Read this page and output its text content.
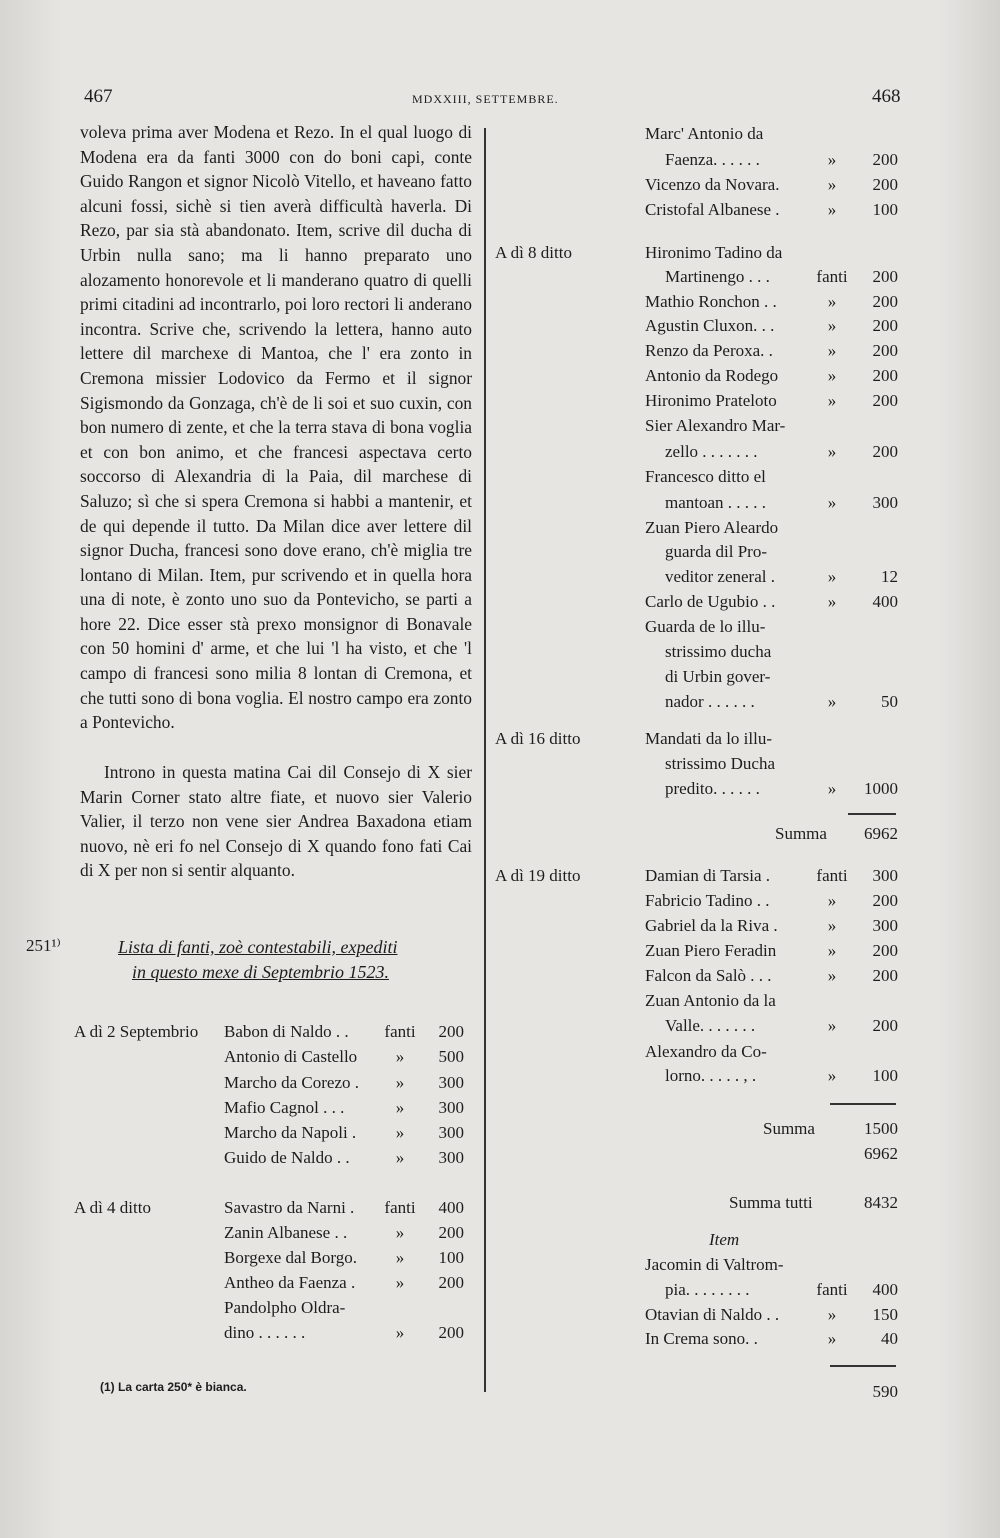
467	MDXXIII, SETTEMBRE.	468

voleva prima aver Modena et Rezo. In el qual luogo di Modena era da fanti 3000 con do boni capi, conte Guido Rangon et signor Nicolò Vitello, et haveano fatto alcuni fossi, sichè si tien averà difficultà haverla. Di Rezo, par sia stà abandonato. Item, scrive dil ducha di Urbin nulla sano; ma li hanno preparato uno alozamento honorevole et li manderano quatro di quelli primi citadini ad incontrarlo, poi loro rectori li anderano incontra. Scrive che, scrivendo la lettera, hanno auto lettere dil marchexe di Mantoa, che l' era zonto in Cremona missier Lodovico da Fermo et il signor Sigismondo da Gonzaga, ch'è de li soi et suo cuxin, con bon numero di zente, et che la terra stava di bona voglia et con bon animo, et che francesi aspectava certo soccorso di Alexandria di la Paia, dil marchese di Saluzo; sì che si spera Cremona si habbi a mantenir, et de qui depende il tutto. Da Milan dice aver lettere dil signor Ducha, francesi sono dove erano, ch'è miglia tre lontano di Milan. Item, pur scrivendo et in quella hora una di note, è zonto uno suo da Pontevicho, se parti a hore 22. Dice esser stà prexo monsignor di Bonavale con 50 homini d' arme, et che lui 'l ha visto, et che 'l campo di francesi sono milia 8 lontan di Cremona, et che tutti sono di bona voglia. El nostro campo era zonto a Pontevicho.

Introno in questa matina Cai dil Consejo di X sier Marin Corner stato altre fiate, et nuovo sier Valerio Valier, il terzo non vene sier Andrea Baxadona etiam nuovo, nè eri fo nel Consejo di X quando fono fati Cai di X per non si sentir alquanto.

251¹⁾	Lista di fanti, zoè contestabili, expediti
in questo mexe di Septembrio 1523.
A dì 2 Septembrio Babon di Naldo . .	fanti	200
Antonio di Castello	»	500
Marcho da Corezo .	»	300
Mafio Cagnol . . .	»	300
Marcho da Napoli .	»	300
Guido de Naldo . .	»	300
A dì 4 ditto	Savastro da Narni .	fanti	400
Zanin Albanese . .	»	200
Borgexe dal Borgo.	»	100
Antheo da Faenza .	»	200
Pandolpho Oldra-
dino . . . . . .	»	200
Marc' Antonio da
Faenza. . . . . .	»	200
Vicenzo da Novara.	»	200
Cristofal Albanese .	»	100
A dì 8 ditto	Hironimo Tadino da
Martinengo . . .	fanti	200
Mathio Ronchon . .	»	200
Agustin Cluxon. . .	»	200
Renzo da Peroxa. .	»	200
Antonio da Rodego	»	200
Hironimo Prateloto	»	200
Sier Alexandro Mar-
zello . . . . . . .	»	200
Francesco ditto el
mantoan . . . . .	»	300
Zuan Piero Aleardo
guarda dil Pro-
veditor zeneral .	»	12
Carlo de Ugubio . .	»	400
Guarda de lo illu-
strissimo ducha
di Urbin gover-
nador . . . . . .	»	50
A dì 16 ditto	Mandati da lo illu-
strissimo Ducha
predito. . . . . .	»	1000
Summa	6962
A dì 19 ditto	Damian di Tarsia .	fanti	300
Fabricio Tadino . .	»	200
Gabriel da la Riva .	»	300
Zuan Piero Feradin	»	200
Falcon da Salò . . .	»	200
Zuan Antonio da la
Valle. . . . . . .	»	200
Alexandro da Co-
lorno. . . . . , .	»	100
Summa	1500
6962
Summa tutti	8432
Item
Jacomin di Valtrom-
pia. . . . . . . .	fanti	400
Otavian di Naldo . .	»	150
In Crema sono. .	»	40
590
(1) La carta 250* è bianca.
